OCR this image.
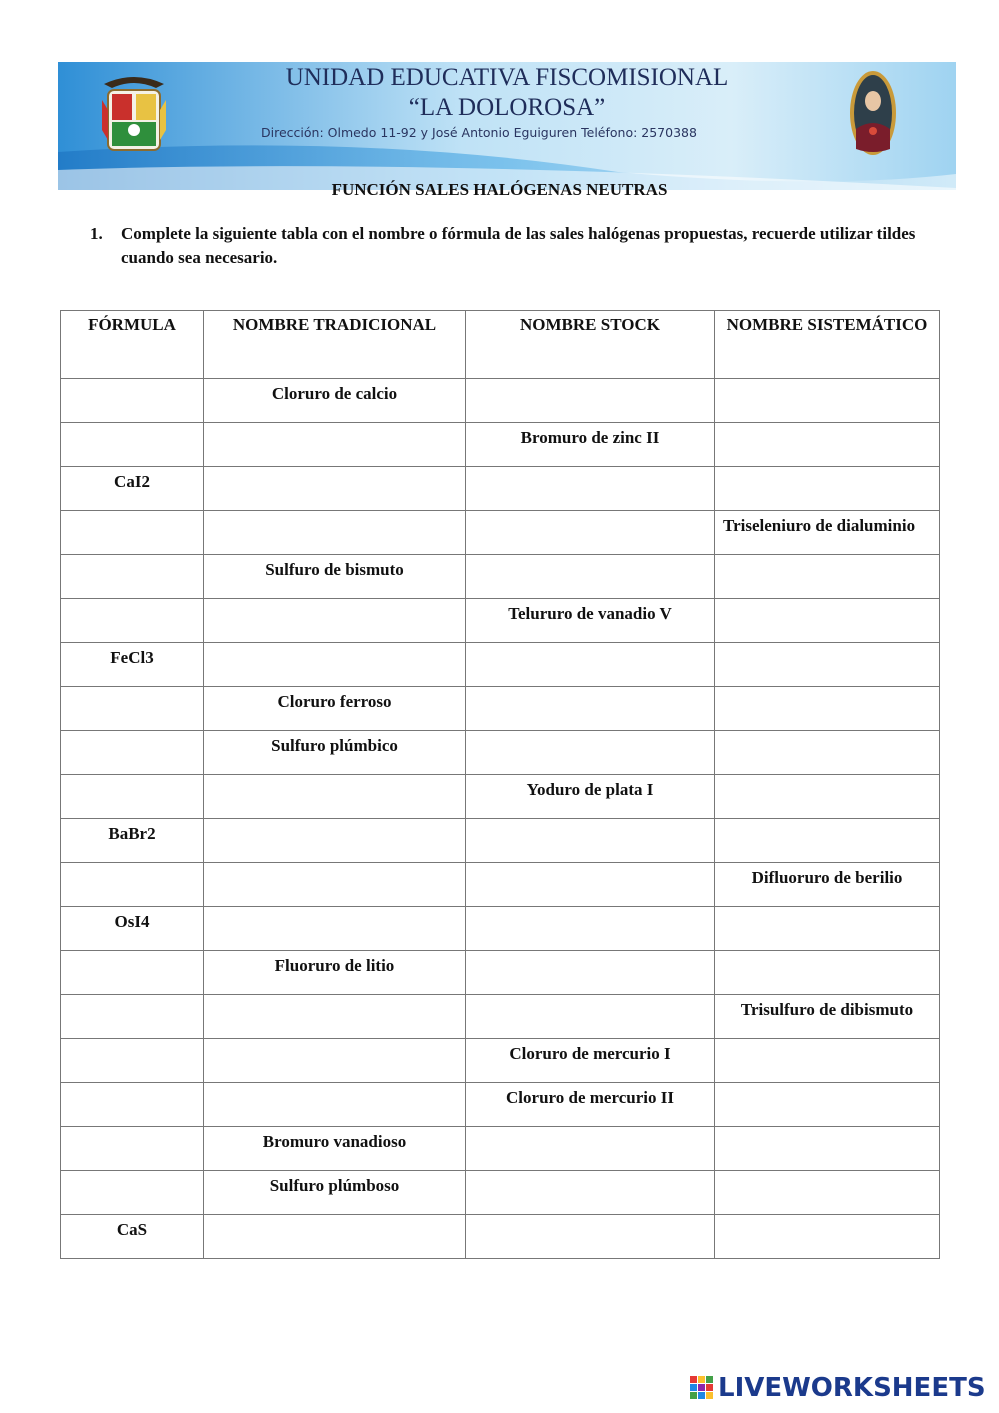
UNIDAD EDUCATIVA FISCOMISIONAL
“LA DOLOROSA”
Dirección: Olmedo 11-92 y José Antonio Eguiguren Teléfono: 2570388
FUNCIÓN SALES HALÓGENAS NEUTRAS
1. Complete la siguiente tabla con el nombre o fórmula de las sales halógenas propuestas, recuerde utilizar tildes cuando sea necesario.
FÓRMULA	NOMBRE TRADICIONAL	NOMBRE STOCK	NOMBRE SISTEMÁTICO
	Cloruro de calcio		
		Bromuro de zinc II	
CaI2			
			Triseleniuro de dialuminio
	Sulfuro de bismuto		
		Telururo de vanadio V	
FeCl3			
	Cloruro ferroso		
	Sulfuro plúmbico		
		Yoduro de plata I	
BaBr2			
			Difluoruro de berilio
OsI4			
	Fluoruro de litio		
			Trisulfuro de dibismuto
		Cloruro de mercurio I	
		Cloruro de mercurio II	
	Bromuro vanadioso		
	Sulfuro plúmboso		
CaS			
LIVEWORKSHEETS
